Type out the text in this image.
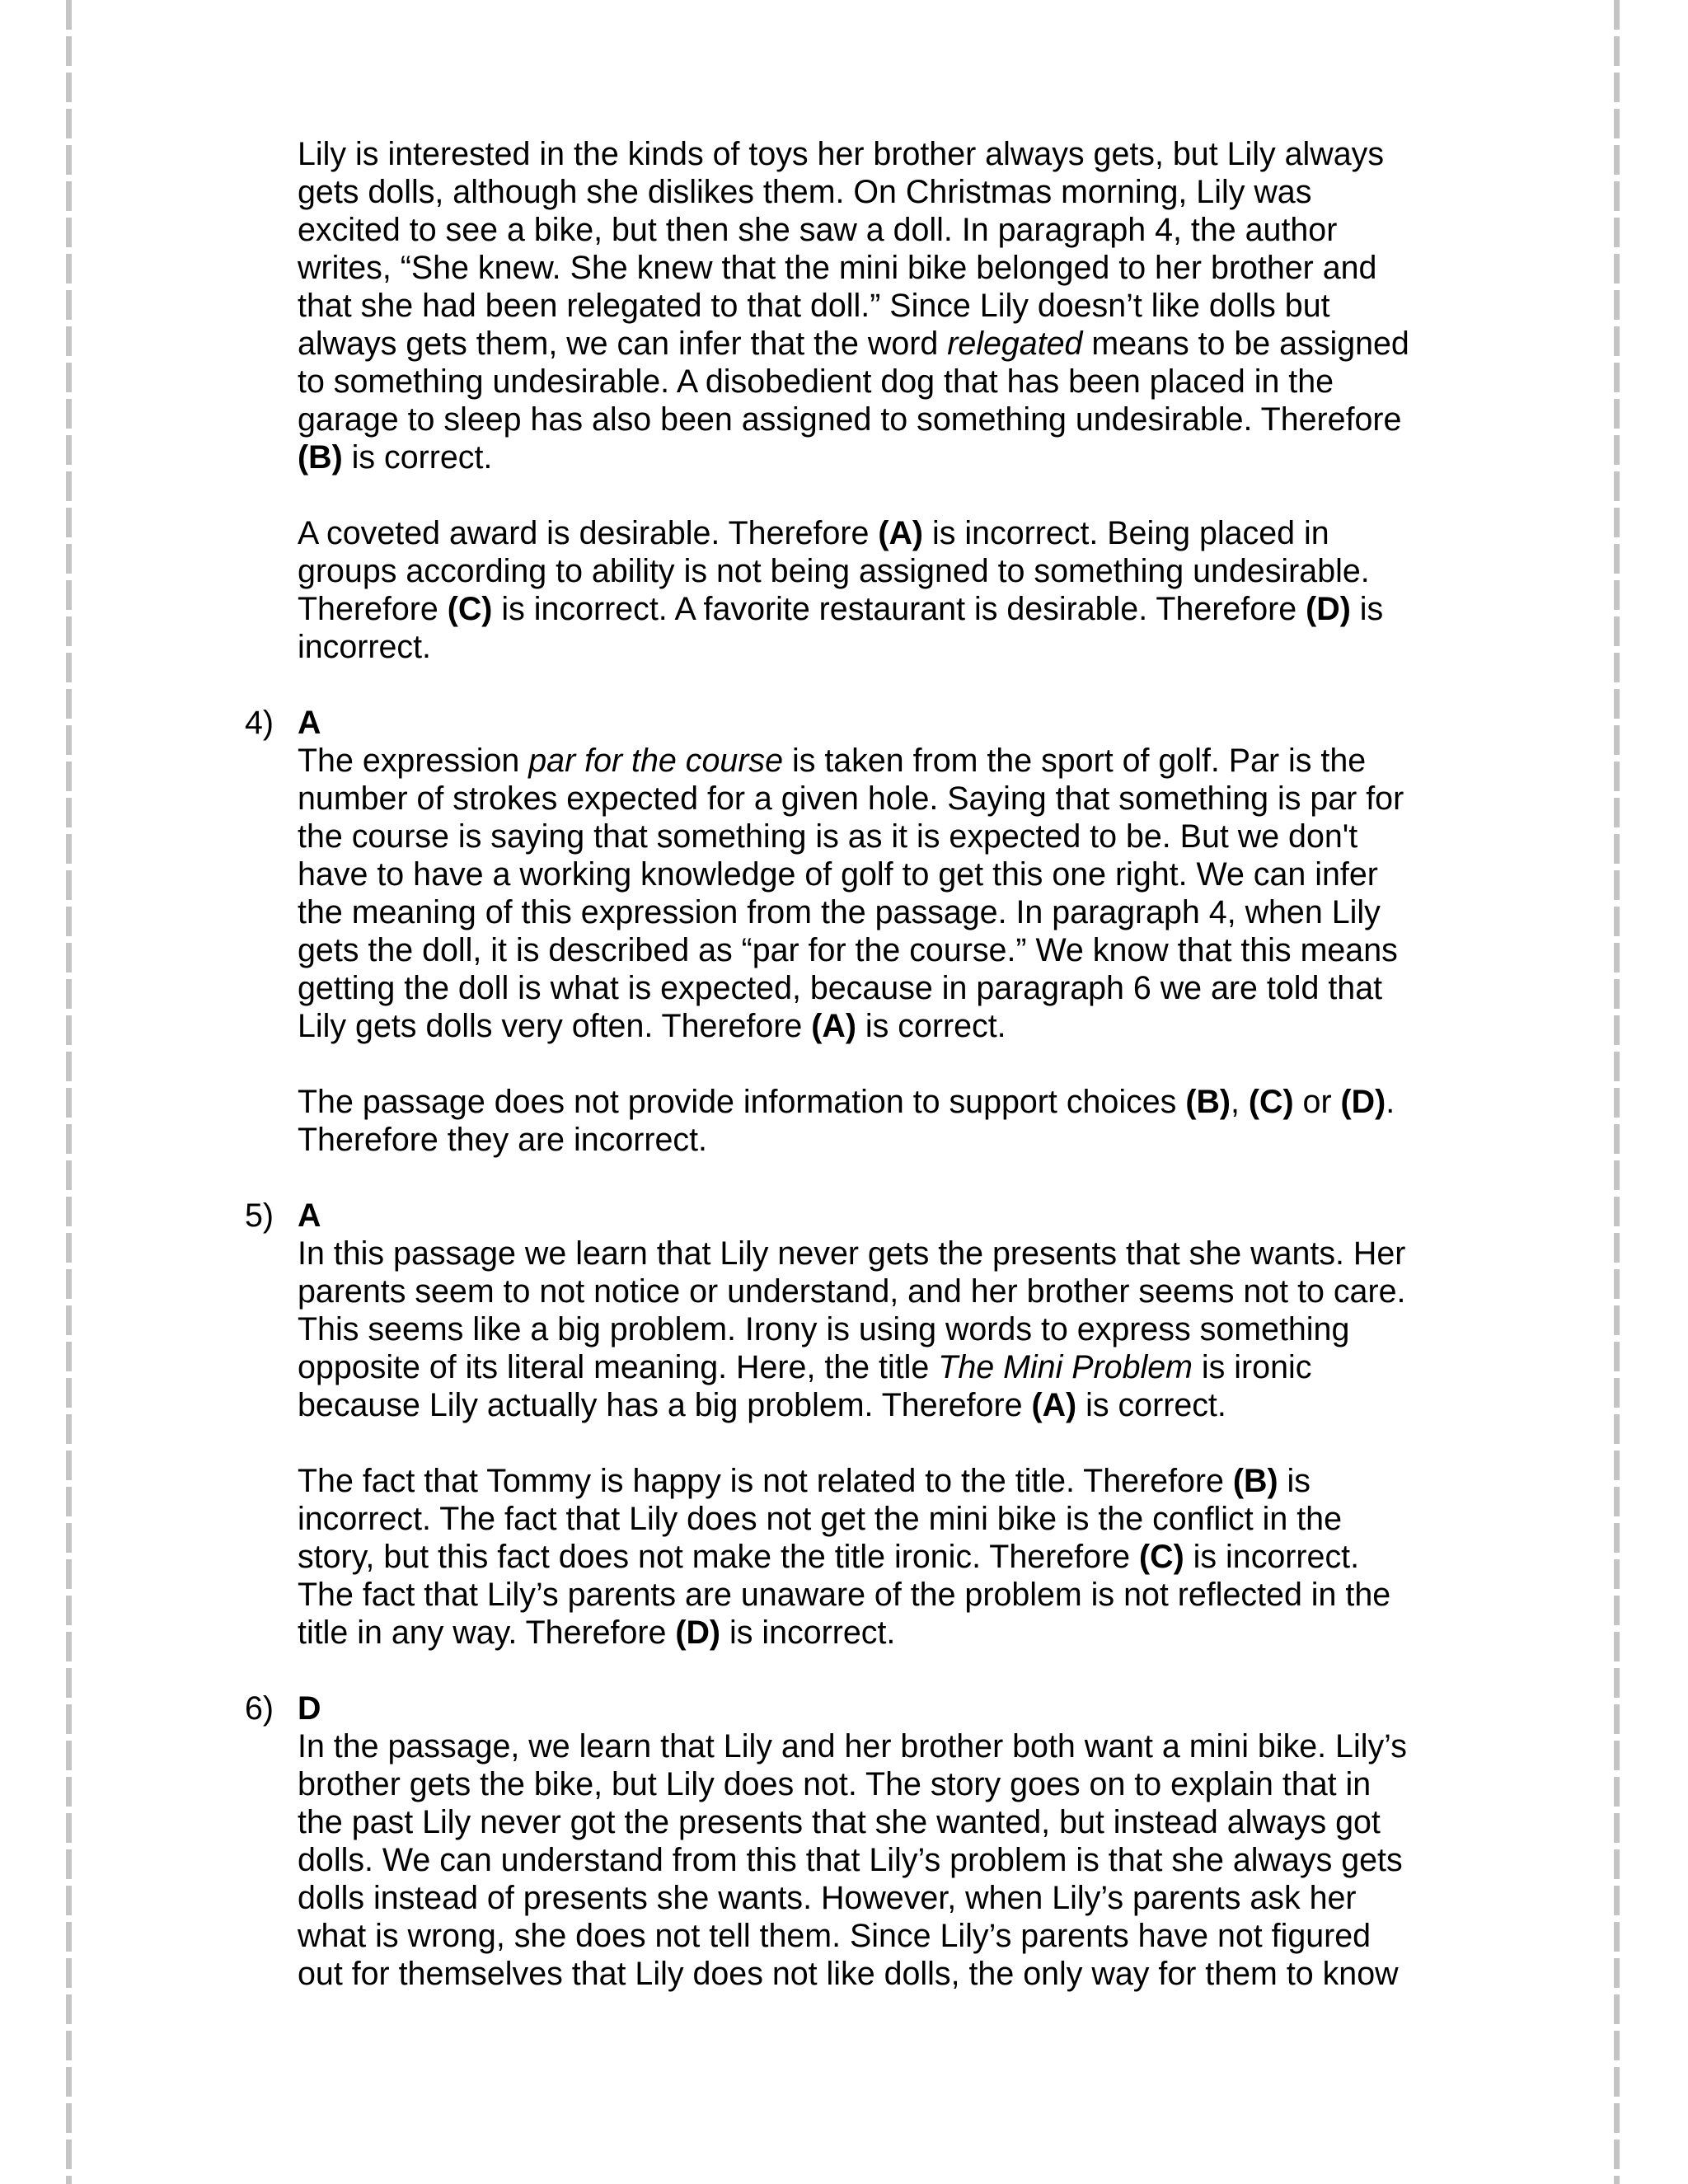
Lily is interested in the kinds of toys her brother always gets, but Lily always
gets dolls, although she dislikes them. On Christmas morning, Lily was
excited to see a bike, but then she saw a doll. In paragraph 4, the author
writes, “She knew. She knew that the mini bike belonged to her brother and
that she had been relegated to that doll.” Since Lily doesn’t like dolls but
always gets them, we can infer that the word relegated means to be assigned
to something undesirable. A disobedient dog that has been placed in the
garage to sleep has also been assigned to something undesirable. Therefore
(B) is correct.

A coveted award is desirable. Therefore (A) is incorrect. Being placed in
groups according to ability is not being assigned to something undesirable.
Therefore (C) is incorrect. A favorite restaurant is desirable. Therefore (D) is
incorrect.

4) A

The expression par for the course is taken from the sport of golf. Par is the
number of strokes expected for a given hole. Saying that something is par for
the course is saying that something is as it is expected to be. But we don't
have to have a working knowledge of golf to get this one right. We can infer
the meaning of this expression from the passage. In paragraph 4, when Lily
gets the doll, it is described as “par for the course.” We know that this means
getting the doll is what is expected, because in paragraph 6 we are told that
Lily gets dolls very often. Therefore (A) is correct.

The passage does not provide information to support choices (B), (C) or (D).
Therefore they are incorrect.

5) A

In this passage we learn that Lily never gets the presents that she wants. Her
parents seem to not notice or understand, and her brother seems not to care.
This seems like a big problem. Irony is using words to express something
opposite of its literal meaning. Here, the title The Mini Problem is ironic
because Lily actually has a big problem. Therefore (A) is correct.

The fact that Tommy is happy is not related to the title. Therefore (B) is
incorrect. The fact that Lily does not get the mini bike is the conflict in the
story, but this fact does not make the title ironic. Therefore (C) is incorrect.
The fact that Lily’s parents are unaware of the problem is not reflected in the
title in any way. Therefore (D) is incorrect.

6) D

In the passage, we learn that Lily and her brother both want a mini bike. Lily’s
brother gets the bike, but Lily does not. The story goes on to explain that in
the past Lily never got the presents that she wanted, but instead always got
dolls. We can understand from this that Lily’s problem is that she always gets
dolls instead of presents she wants. However, when Lily’s parents ask her
what is wrong, she does not tell them. Since Lily’s parents have not figured
out for themselves that Lily does not like dolls, the only way for them to know
